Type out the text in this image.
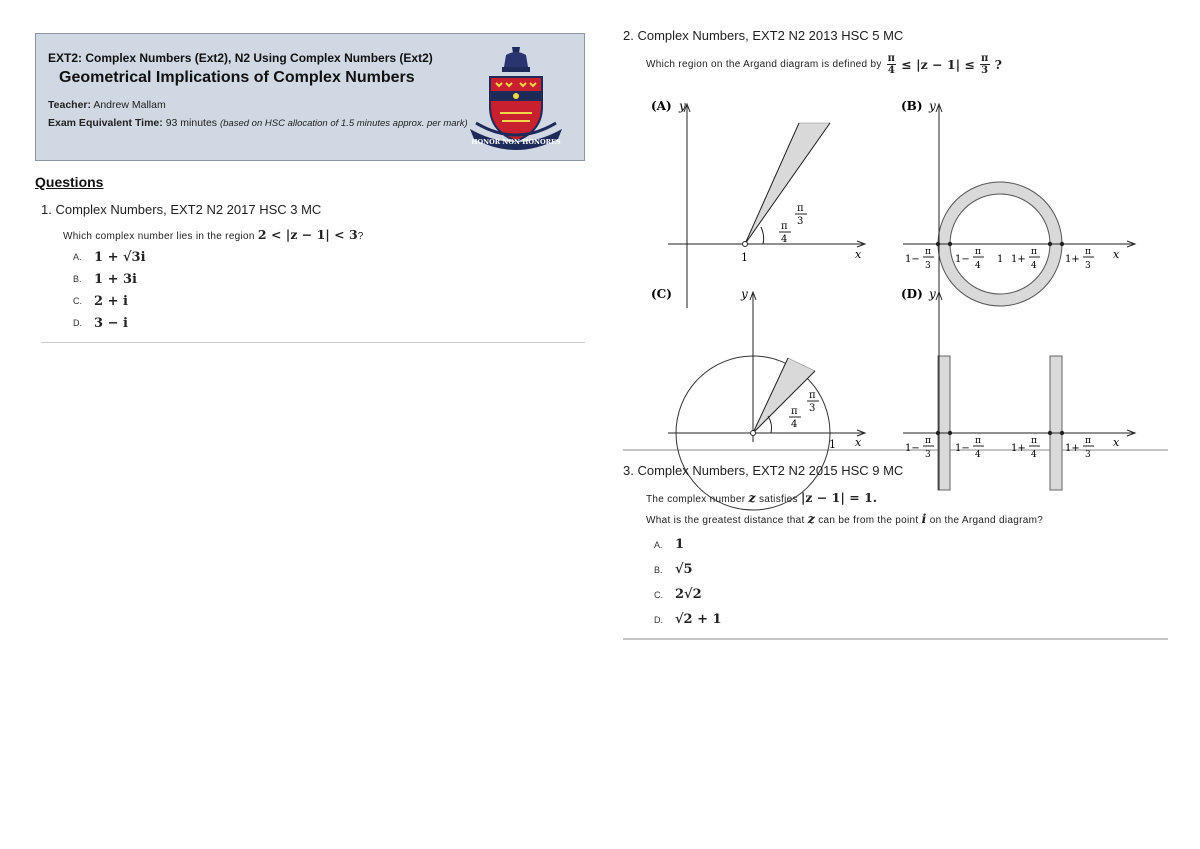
EXT2: Complex Numbers (Ext2), N2 Using Complex Numbers (Ext2)
Geometrical Implications of Complex Numbers
Teacher: Andrew Mallam
Exam Equivalent Time: 93 minutes (based on HSC allocation of 1.5 minutes approx. per mark)
HONOR NON HONORES
Questions
1. Complex Numbers, EXT2 N2 2017 HSC 3 MC
Which complex number lies in the region 2 < |z − 1| < 3?
A. 1 + √3i
B. 1 + 3i
C. 2 + i
D. 3 − i
2. Complex Numbers, EXT2 N2 2013 HSC 5 MC
Which region on the Argand diagram is defined by $\frac{\pi}{4} \le |z - 1| \le \frac{\pi}{3}$ ?
(A) y
1	x
π
4
π
3
(B) y
1−
π
3
1−
π
4
1 1+
π
4
1+
π
3
x
(C)	y
1 x
π
4
π
3
(D) y
1−
π
3
1−
π
4
1+
π
4
1+
π
3
x
3. Complex Numbers, EXT2 N2 2015 HSC 9 MC
The complex number z satisfies |z − 1| = 1.
What is the greatest distance that z can be from the point i on the Argand diagram?
A. 1
B. √5
C. 2√2
D. √2 + 1
